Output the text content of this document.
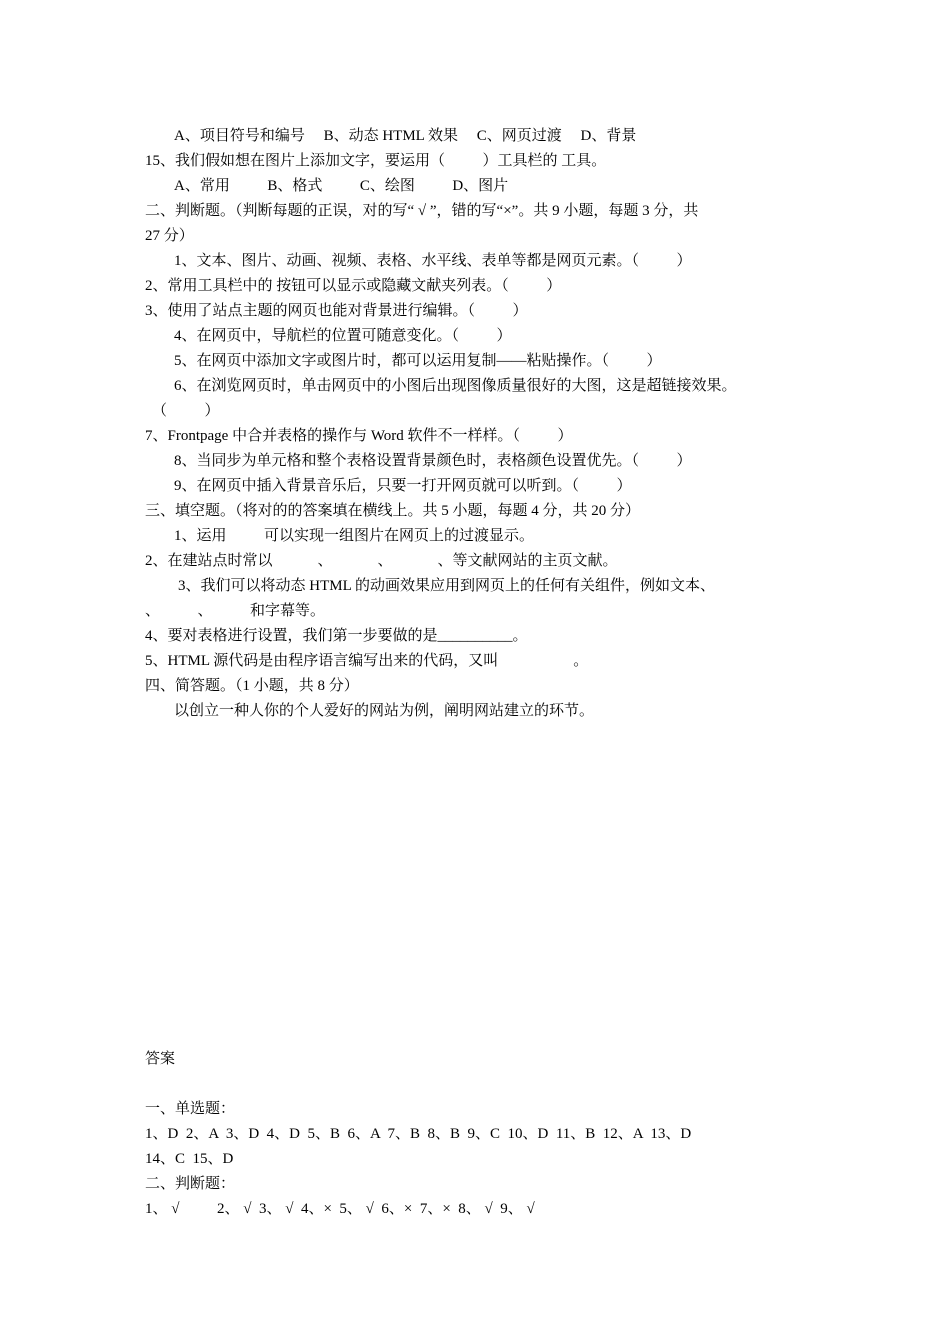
A、项目符号和编号     B、动态 HTML 效果     C、网页过渡     D、背景
15、我们假如想在图片上添加文字，要运用（          ）工具栏的 工具。
A、常用          B、格式          C、绘图          D、图片
二、判断题。（判断每题的正误，对的写“ √ ”，错的写“×”。共 9 小题，每题 3 分，共
27 分）
1、文本、图片、动画、视频、表格、水平线、表单等都是网页元素。（          ）
2、常用工具栏中的 按钮可以显示或隐藏文献夹列表。（          ）
3、使用了站点主题的网页也能对背景进行编辑。（          ）
4、在网页中，导航栏的位置可随意变化。（          ）
5、在网页中添加文字或图片时，都可以运用复制——粘贴操作。（          ）
6、在浏览网页时，单击网页中的小图后出现图像质量很好的大图，这是超链接效果。
（          ）
7、Frontpage 中合并表格的操作与 Word 软件不一样样。（          ）
8、当同步为单元格和整个表格设置背景颜色时，表格颜色设置优先。（          ）
9、在网页中插入背景音乐后，只要一打开网页就可以听到。（          ）
三、填空题。（将对的的答案填在横线上。共 5 小题，每题 4 分，共 20 分）
1、运用          可以实现一组图片在网页上的过渡显示。
2、在建站点时常以            、            、            、等文献网站的主页文献。
3、我们可以将动态 HTML 的动画效果应用到网页上的任何有关组件，例如文本、
、          、          和字幕等。
4、要对表格进行设置，我们第一步要做的是__________。
5、HTML 源代码是由程序语言编写出来的代码，又叫                    。
四、简答题。（1 小题，共 8 分）
以创立一种人你的个人爱好的网站为例，阐明网站建立的环节。
答案
一、单选题：
1、D  2、A  3、D  4、D  5、B  6、A  7、B  8、B  9、C  10、D  11、B  12、A  13、D
14、C  15、D
二、判断题：
1、 √          2、 √  3、 √  4、×  5、 √  6、×  7、×  8、 √  9、 √
